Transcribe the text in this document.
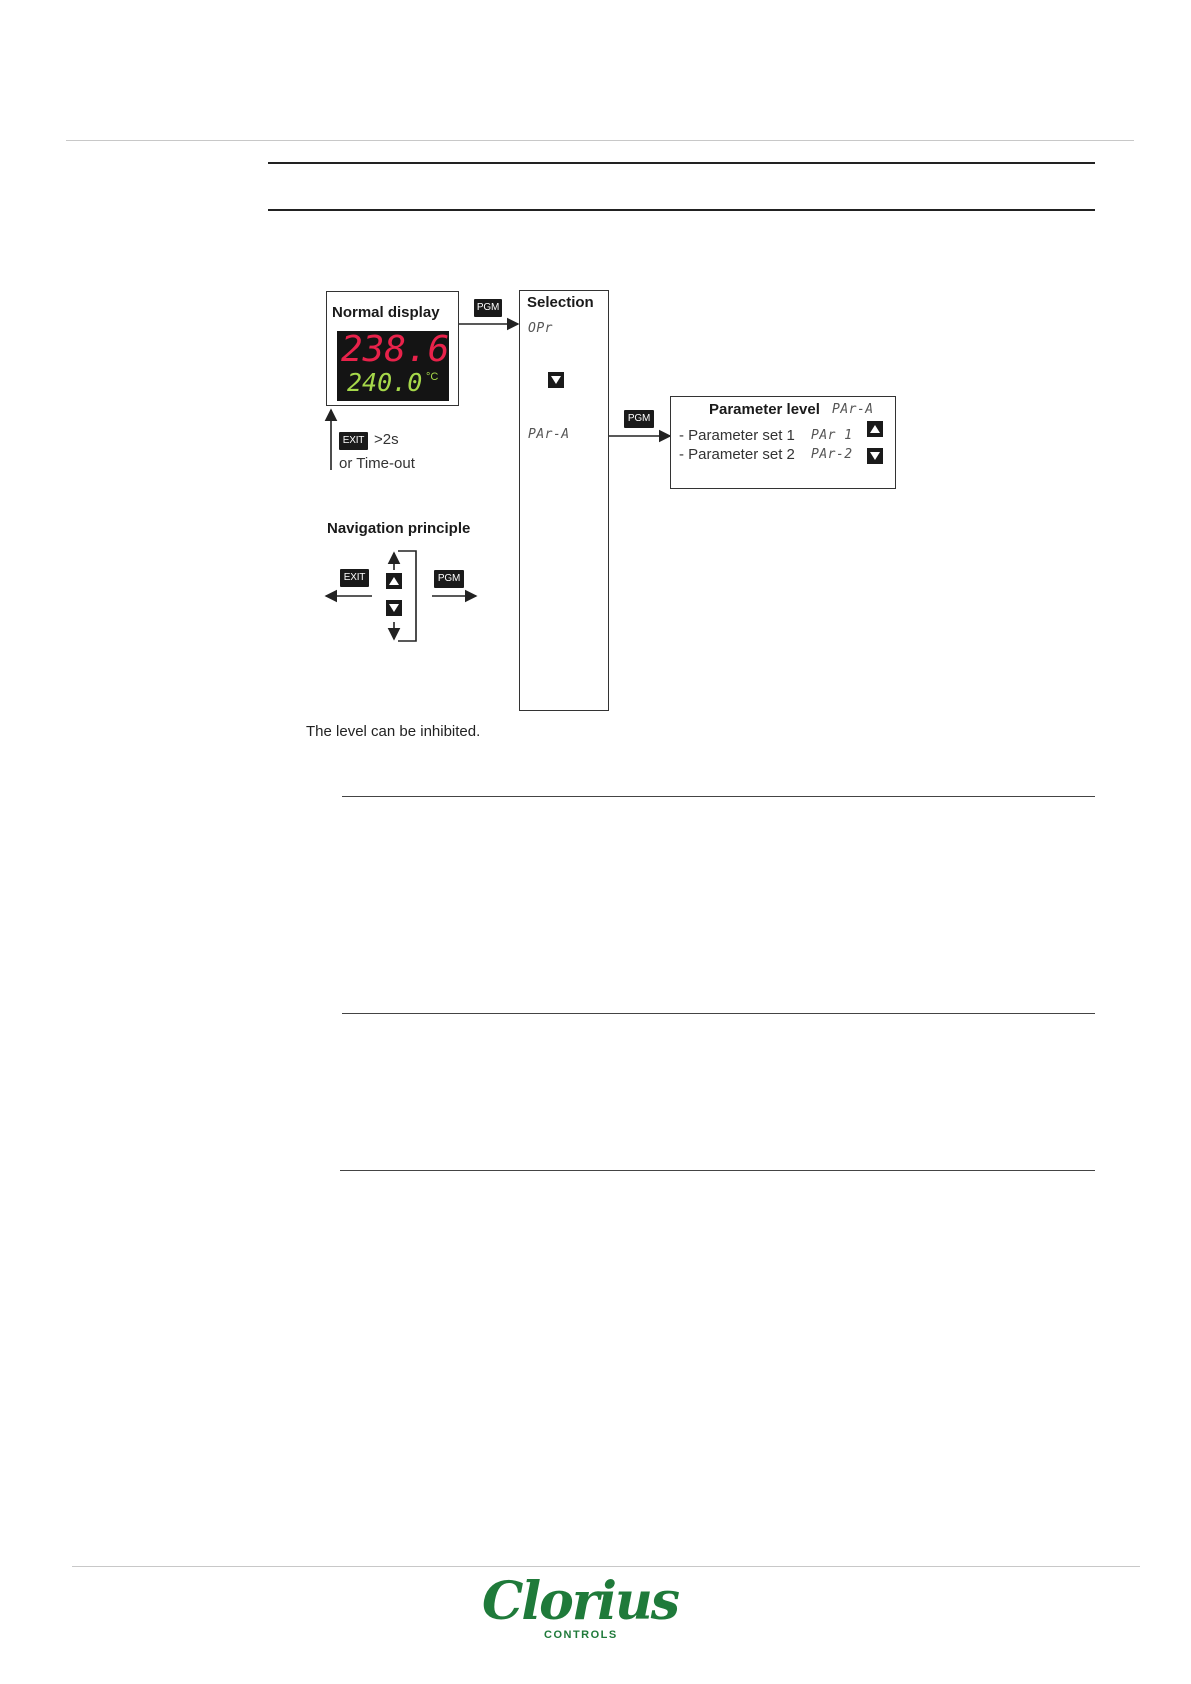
Normal display
238.6
240.0 °C
PGM
EXIT >2s
or Time-out
Selection
OPr
PAr-A
PGM
Parameter level PAr-A
- Parameter set 1 PAr 1
- Parameter set 2 PAr-2
Navigation principle
EXIT	PGM
The level can be inhibited.
Clorius
CONTROLS
